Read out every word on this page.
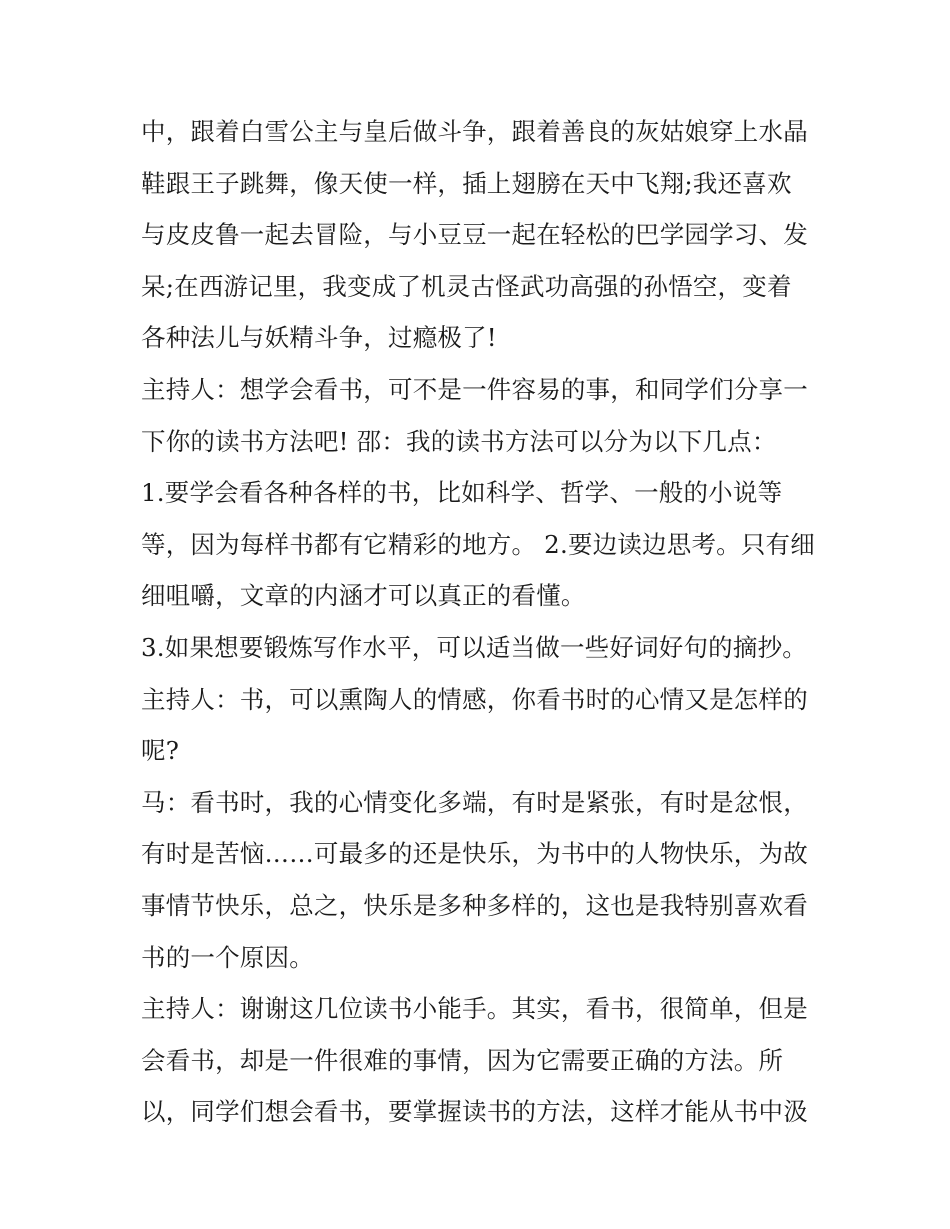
中，跟着白雪公主与皇后做斗争，跟着善良的灰姑娘穿上水晶
鞋跟王子跳舞，像天使一样，插上翅膀在天中飞翔;我还喜欢
与皮皮鲁一起去冒险，与小豆豆一起在轻松的巴学园学习、发
呆;在西游记里，我变成了机灵古怪武功高强的孙悟空，变着
各种法儿与妖精斗争，过瘾极了!
主持人：想学会看书，可不是一件容易的事，和同学们分享一
下你的读书方法吧! 邵：我的读书方法可以分为以下几点：
1.要学会看各种各样的书，比如科学、哲学、一般的小说等
等，因为每样书都有它精彩的地方。 2.要边读边思考。只有细
细咀嚼，文章的内涵才可以真正的看懂。
3.如果想要锻炼写作水平，可以适当做一些好词好句的摘抄。
主持人：书，可以熏陶人的情感，你看书时的心情又是怎样的
呢?
马：看书时，我的心情变化多端，有时是紧张，有时是忿恨，
有时是苦恼……可最多的还是快乐，为书中的人物快乐，为故
事情节快乐，总之，快乐是多种多样的，这也是我特别喜欢看
书的一个原因。
主持人：谢谢这几位读书小能手。其实，看书，很简单，但是
会看书，却是一件很难的事情，因为它需要正确的方法。所
以，同学们想会看书，要掌握读书的方法，这样才能从书中汲
